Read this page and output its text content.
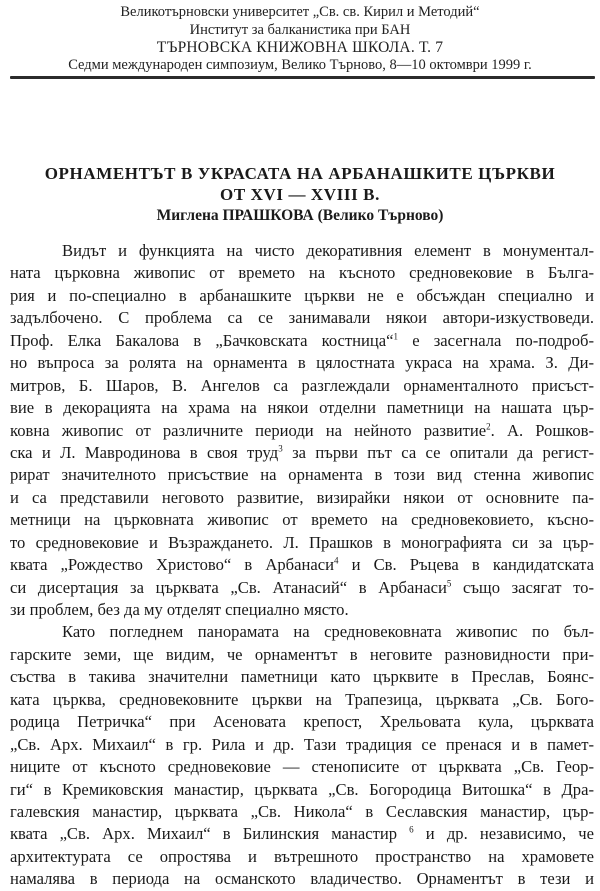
Великотърновски университет „Св. св. Кирил и Методий“
Институт за балканистика при БАН
ТЪРНОВСКА КНИЖОВНА ШКОЛА. Т. 7
Седми международен симпозиум, Велико Търново, 8—10 октомври 1999 г.
ОРНАМЕНТЪТ В УКРАСАТА НА АРБАНАШКИТЕ ЦЪРКВИ
ОТ XVI — XVIII В.
Миглена ПРАШКОВА (Велико Търново)
Видът и функцията на чисто декоративния елемент в монументал-
ната църковна живопис от времето на късното средновековие в Бълга-
рия и по-специално в арбанашките църкви не е обсъждан специално и
задълбочено. С проблема са се занимавали някои автори-изкуствоведи.
Проф. Елка Бакалова в „Бачковската костница“$^1$ е засегнала по-подроб-
но въпроса за ролята на орнамента в цялостната украса на храма. З. Ди-
митров, Б. Шаров, В. Ангелов са разглеждали орнаменталното присъст-
вие в декорацията на храма на някои отделни паметници на нашата цър-
ковна живопис от различните периоди на нейното развитие$^2$. А. Рошков-
ска и Л. Мавродинова в своя труд$^3$ за първи път са се опитали да регист-
рират значителното присъствие на орнамента в този вид стенна живопис
и са представили неговото развитие, визирайки някои от основните па-
метници на църковната живопис от времето на средновековието, късно-
то средновековие и Възраждането. Л. Прашков в монографията си за цър-
квата „Рождество Христово“ в Арбанаси$^4$ и Св. Ръцева в кандидатската
си дисертация за църквата „Св. Атанасий“ в Арбанаси$^5$ също засягат то-
зи проблем, без да му отделят специално място.
Като погледнем панорамата на средновековната живопис по бъл-
гарските земи, ще видим, че орнаментът в неговите разновидности при-
съства в такива значителни паметници като църквите в Преслав, Боянс-
ката църква, средновековните църкви на Трапезица, църквата „Св. Бого-
родица Петричка“ при Асеновата крепост, Хрельовата кула, църквата
„Св. Арх. Михаил“ в гр. Рила и др. Тази традиция се пренася и в памет-
ниците от късното средновековие — стенописите от църквата „Св. Геор-
ги“ в Кремиковския манастир, църквата „Св. Богородица Витошка“ в Дра-
галевския манастир, църквата „Св. Никола“ в Сеславския манастир, цър-
квата „Св. Арх. Михаил“ в Билинския манастир $^6$ и др. независимо, че
архитектурата се опростява и вътрешното пространство на храмовете
намалява в периода на османското владичество. Орнаментът в тези и
